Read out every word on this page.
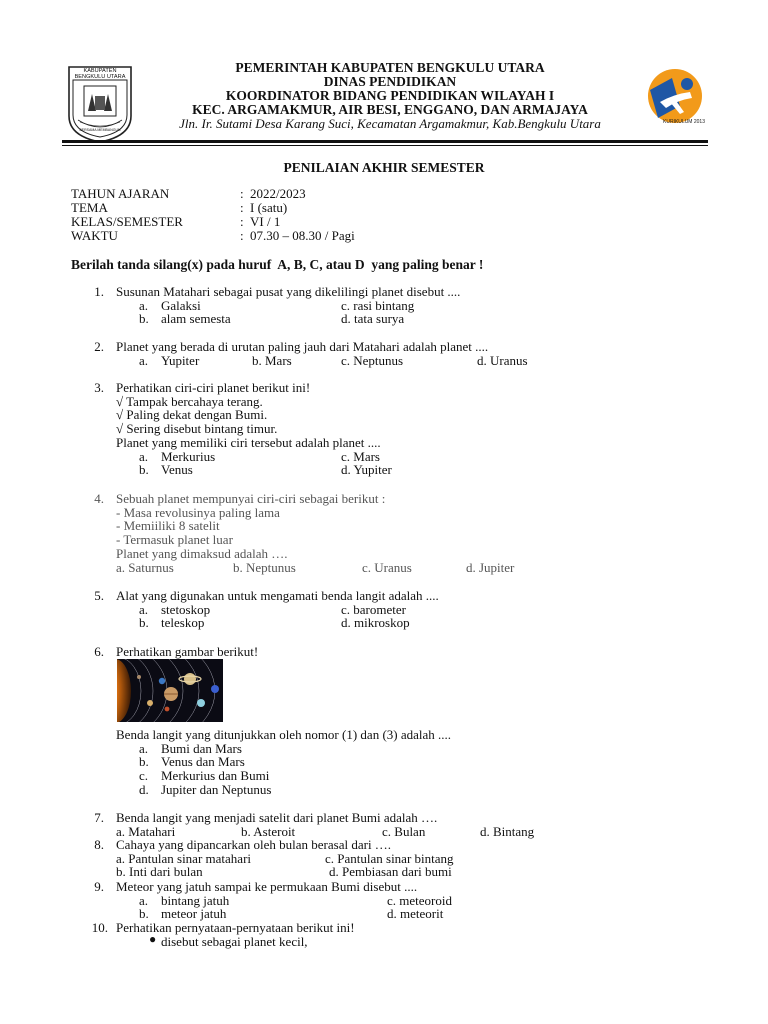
KABUPATEN BENGKULU UTARA
BERSAMA MEMBANGUN
KURIKULUM 2013
PEMERINTAH KABUPATEN BENGKULU UTARA
DINAS PENDIDIKAN
KOORDINATOR BIDANG PENDIDIKAN WILAYAH I
KEC. ARGAMAKMUR, AIR BESI, ENGGANO, DAN ARMAJAYA
Jln. Ir. Sutami Desa Karang Suci, Kecamatan Argamakmur, Kab.Bengkulu Utara
PENILAIAN AKHIR SEMESTER
TAHUN AJARAN	: 2022/2023
TEMA	: I (satu)
KELAS/SEMESTER	: VI / 1
WAKTU	: 07.30 – 08.30 / Pagi
Berilah tanda silang(x) pada huruf  A, B, C, atau D  yang paling benar !
1. Susunan Matahari sebagai pusat yang dikelilingi planet disebut ....
a. Galaksi	c. rasi bintang
b. alam semesta	d. tata surya
2. Planet yang berada di urutan paling jauh dari Matahari adalah planet ....
a. Yupiter	b. Mars	c. Neptunus	d. Uranus
3. Perhatikan ciri-ciri planet berikut ini!
√ Tampak bercahaya terang.
√ Paling dekat dengan Bumi.
√ Sering disebut bintang timur.
Planet yang memiliki ciri tersebut adalah planet ....
a. Merkurius	c. Mars
b. Venus	d. Yupiter
4. Sebuah planet mempunyai ciri-ciri sebagai berikut :
- Masa revolusinya paling lama
- Memiiliki 8 satelit
- Termasuk planet luar
Planet yang dimaksud adalah ….
a. Saturnus	b. Neptunus	c. Uranus	d. Jupiter
5. Alat yang digunakan untuk mengamati benda langit adalah ....
a. stetoskop	c. barometer
b. teleskop	d. mikroskop
6. Perhatikan gambar berikut!
Benda langit yang ditunjukkan oleh nomor (1) dan (3) adalah ....
a. Bumi dan Mars
b. Venus dan Mars
c. Merkurius dan Bumi
d. Jupiter dan Neptunus
7. Benda langit yang menjadi satelit dari planet Bumi adalah ….
a. Matahari	b. Asteroit	c. Bulan	d. Bintang
8. Cahaya yang dipancarkan oleh bulan berasal dari ….
a. Pantulan sinar matahari	c. Pantulan sinar bintang
b. Inti dari bulan	d. Pembiasan dari bumi
9. Meteor yang jatuh sampai ke permukaan Bumi disebut ....
a. bintang jatuh	c. meteoroid
b. meteor jatuh	d. meteorit
10. Perhatikan pernyataan-pernyataan berikut ini!
● disebut sebagai planet kecil,
